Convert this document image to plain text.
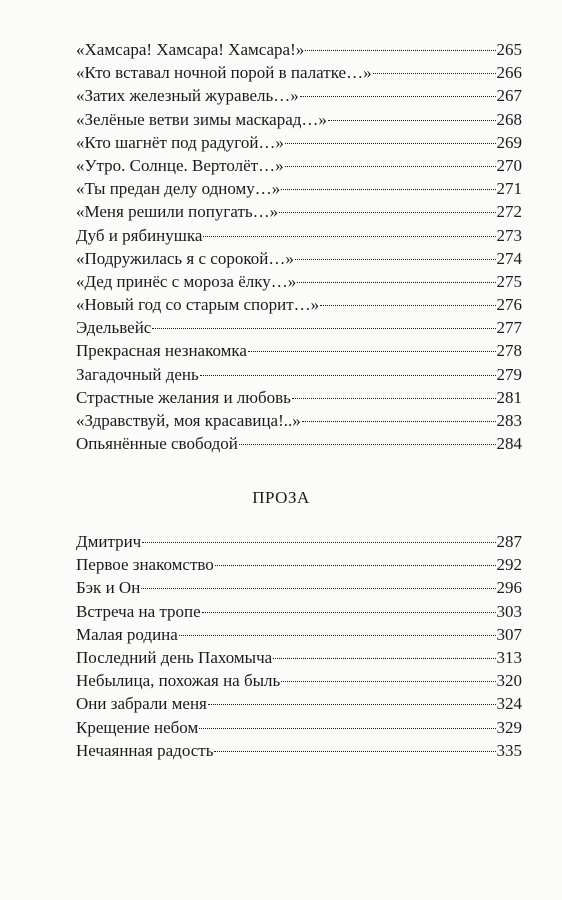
«Хамсара! Хамсара! Хамсара!»	265
«Кто вставал ночной порой в палатке…»	266
«Затих железный журавель…»	267
«Зелёные ветви зимы маскарад…»	268
«Кто шагнёт под радугой…»	269
«Утро. Солнце. Вертолёт…»	270
«Ты предан делу одному…»	271
«Меня решили попугать…»	272
Дуб и рябинушка	273
«Подружилась я с сорокой…»	274
«Дед принёс с мороза ёлку…»	275
«Новый год со старым спорит…»	276
Эдельвейс	277
Прекрасная незнакомка	278
Загадочный день	279
Страстные желания и любовь	281
«Здравствуй, моя красавица!..»	283
Опьянённые свободой	284
ПРОЗА
Дмитрич	287
Первое знакомство	292
Бэк и Он	296
Встреча на тропе	303
Малая родина	307
Последний день Пахомыча	313
Небылица, похожая на быль	320
Они забрали меня	324
Крещение небом	329
Нечаянная радость	335
